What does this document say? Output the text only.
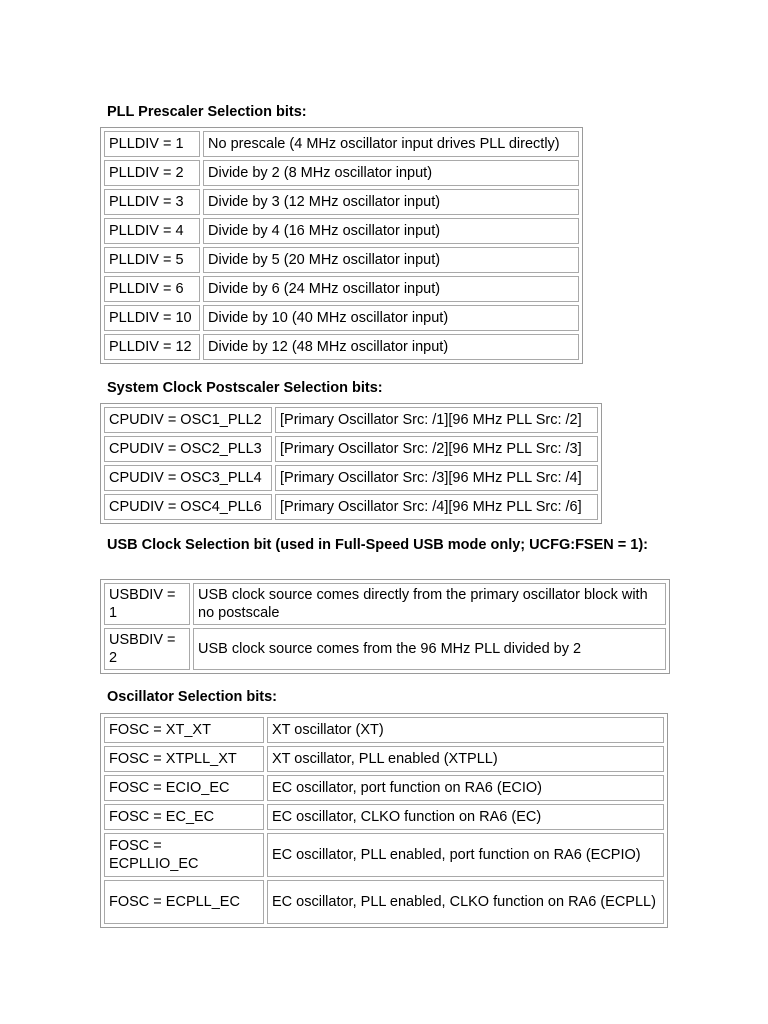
PLL Prescaler Selection bits:
PLLDIV = 1	No prescale (4 MHz oscillator input drives PLL directly)
PLLDIV = 2	Divide by 2 (8 MHz oscillator input)
PLLDIV = 3	Divide by 3 (12 MHz oscillator input)
PLLDIV = 4	Divide by 4 (16 MHz oscillator input)
PLLDIV = 5	Divide by 5 (20 MHz oscillator input)
PLLDIV = 6	Divide by 6 (24 MHz oscillator input)
PLLDIV = 10	Divide by 10 (40 MHz oscillator input)
PLLDIV = 12	Divide by 12 (48 MHz oscillator input)
System Clock Postscaler Selection bits:
CPUDIV = OSC1_PLL2	[Primary Oscillator Src: /1][96 MHz PLL Src: /2]
CPUDIV = OSC2_PLL3	[Primary Oscillator Src: /2][96 MHz PLL Src: /3]
CPUDIV = OSC3_PLL4	[Primary Oscillator Src: /3][96 MHz PLL Src: /4]
CPUDIV = OSC4_PLL6	[Primary Oscillator Src: /4][96 MHz PLL Src: /6]
USB Clock Selection bit (used in Full-Speed USB mode only; UCFG:FSEN = 1):
USBDIV = 1	USB clock source comes directly from the primary oscillator block with no postscale
USBDIV = 2	USB clock source comes from the 96 MHz PLL divided by 2
Oscillator Selection bits:
FOSC = XT_XT	XT oscillator (XT)
FOSC = XTPLL_XT	XT oscillator, PLL enabled (XTPLL)
FOSC = ECIO_EC	EC oscillator, port function on RA6 (ECIO)
FOSC = EC_EC	EC oscillator, CLKO function on RA6 (EC)
FOSC = ECPLLIO_EC	EC oscillator, PLL enabled, port function on RA6 (ECPIO)
FOSC = ECPLL_EC	EC oscillator, PLL enabled, CLKO function on RA6 (ECPLL)
